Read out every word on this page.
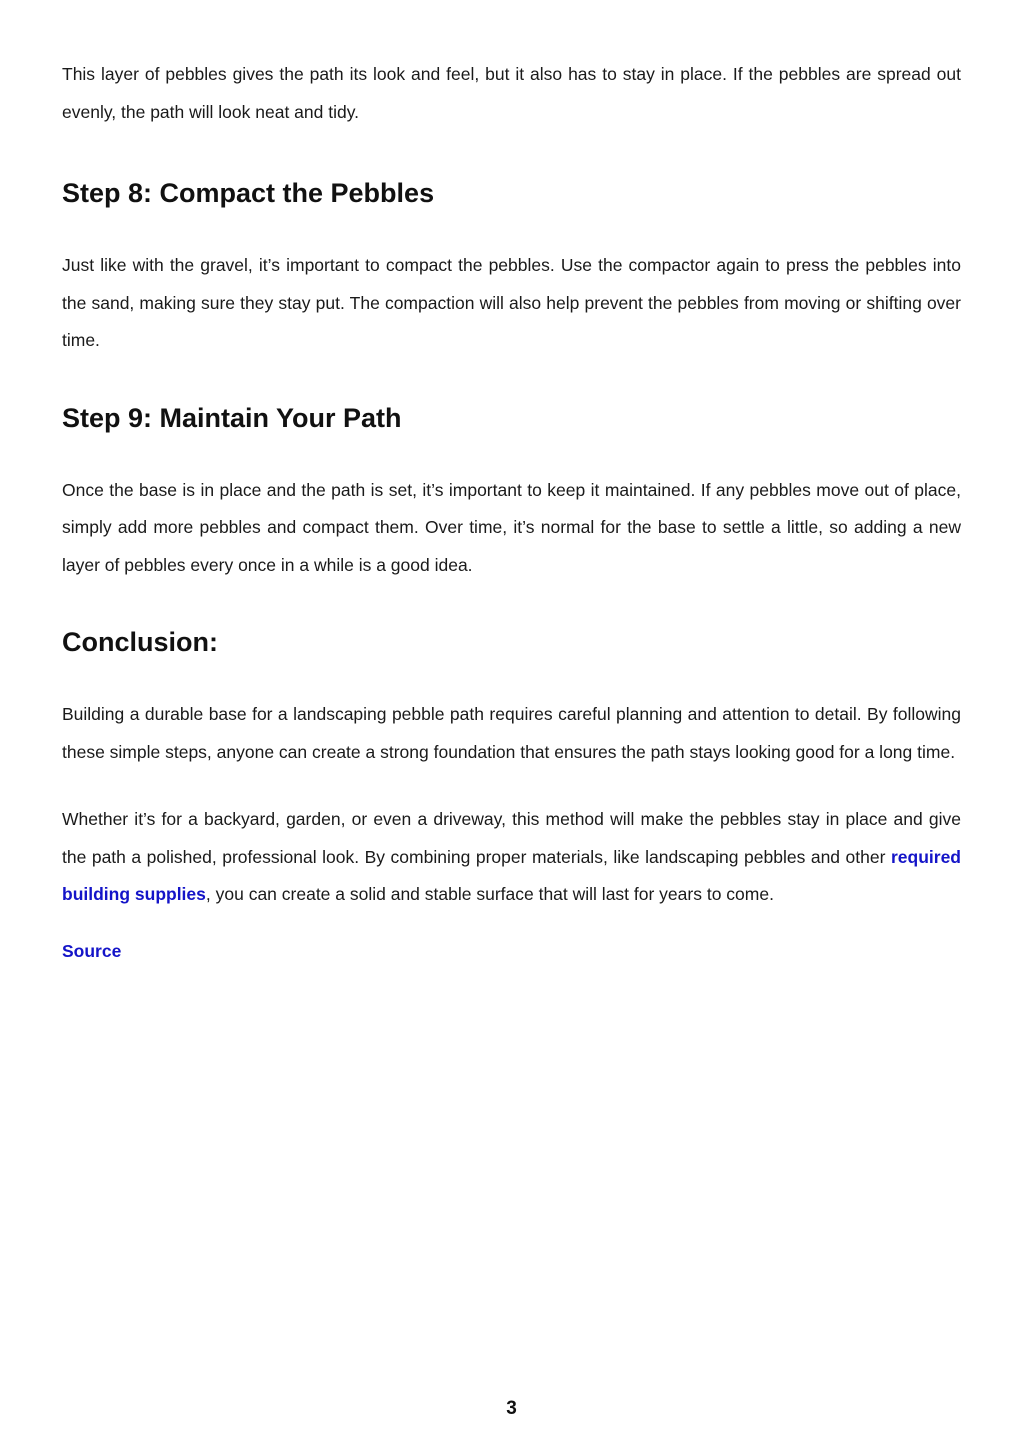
This layer of pebbles gives the path its look and feel, but it also has to stay in place. If the pebbles are spread out evenly, the path will look neat and tidy.

Step 8: Compact the Pebbles

Just like with the gravel, it’s important to compact the pebbles. Use the compactor again to press the pebbles into the sand, making sure they stay put. The compaction will also help prevent the pebbles from moving or shifting over time.

Step 9: Maintain Your Path

Once the base is in place and the path is set, it’s important to keep it maintained. If any pebbles move out of place, simply add more pebbles and compact them. Over time, it’s normal for the base to settle a little, so adding a new layer of pebbles every once in a while is a good idea.

Conclusion:

Building a durable base for a landscaping pebble path requires careful planning and attention to detail. By following these simple steps, anyone can create a strong foundation that ensures the path stays looking good for a long time.

Whether it’s for a backyard, garden, or even a driveway, this method will make the pebbles stay in place and give the path a polished, professional look. By combining proper materials, like landscaping pebbles and other required building supplies, you can create a solid and stable surface that will last for years to come.

Source
3
